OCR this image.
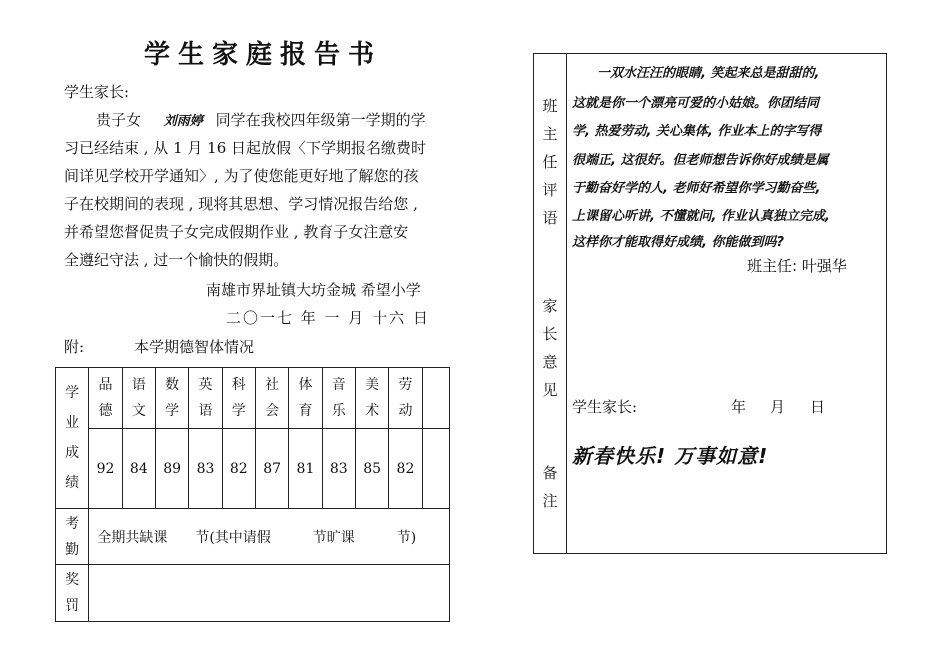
学生家庭报告书
学生家长:
贵子女 刘雨婷 同学在我校四年级第一学期的学
习已经结束 , 从 1 月 16 日起放假〈下学期报名缴费时
间详见学校开学通知〉, 为了使您能更好地了解您的孩
子在校期间的表现 , 现将其思想、学习情况报告给您 ,
并希望您督促贵子女完成假期作业 , 教育子女注意安
全遵纪守法 , 过一个愉快的假期。
南雄市界址镇大坊金城 希望小学
二〇一七 年 一 月 十六 日
附:	本学期德智体情况
学业成绩	品德	语文	数学	英语	科学	社会	体育	音乐	美术	劳动	

	92	84	89	83	82	87	81	83	85	82	

考勤	全期共缺课　　节(其中请假　　　节旷课　　　节)										

奖罚											

班主任评语
一双水汪汪的眼睛, 笑起来总是甜甜的,
这就是你一个漂亮可爱的小姑娘。你团结同
学, 热爱劳动, 关心集体, 作业本上的字写得
很端正, 这很好。但老师想告诉你好成绩是属
于勤奋好学的人, 老师好希望你学习勤奋些,
上课留心听讲, 不懂就问, 作业认真独立完成,
这样你才能取得好成绩, 你能做到吗?
班主任: 叶强华
家长意见
学生家长:	年 月 日
备注
新春快乐! 万事如意!
